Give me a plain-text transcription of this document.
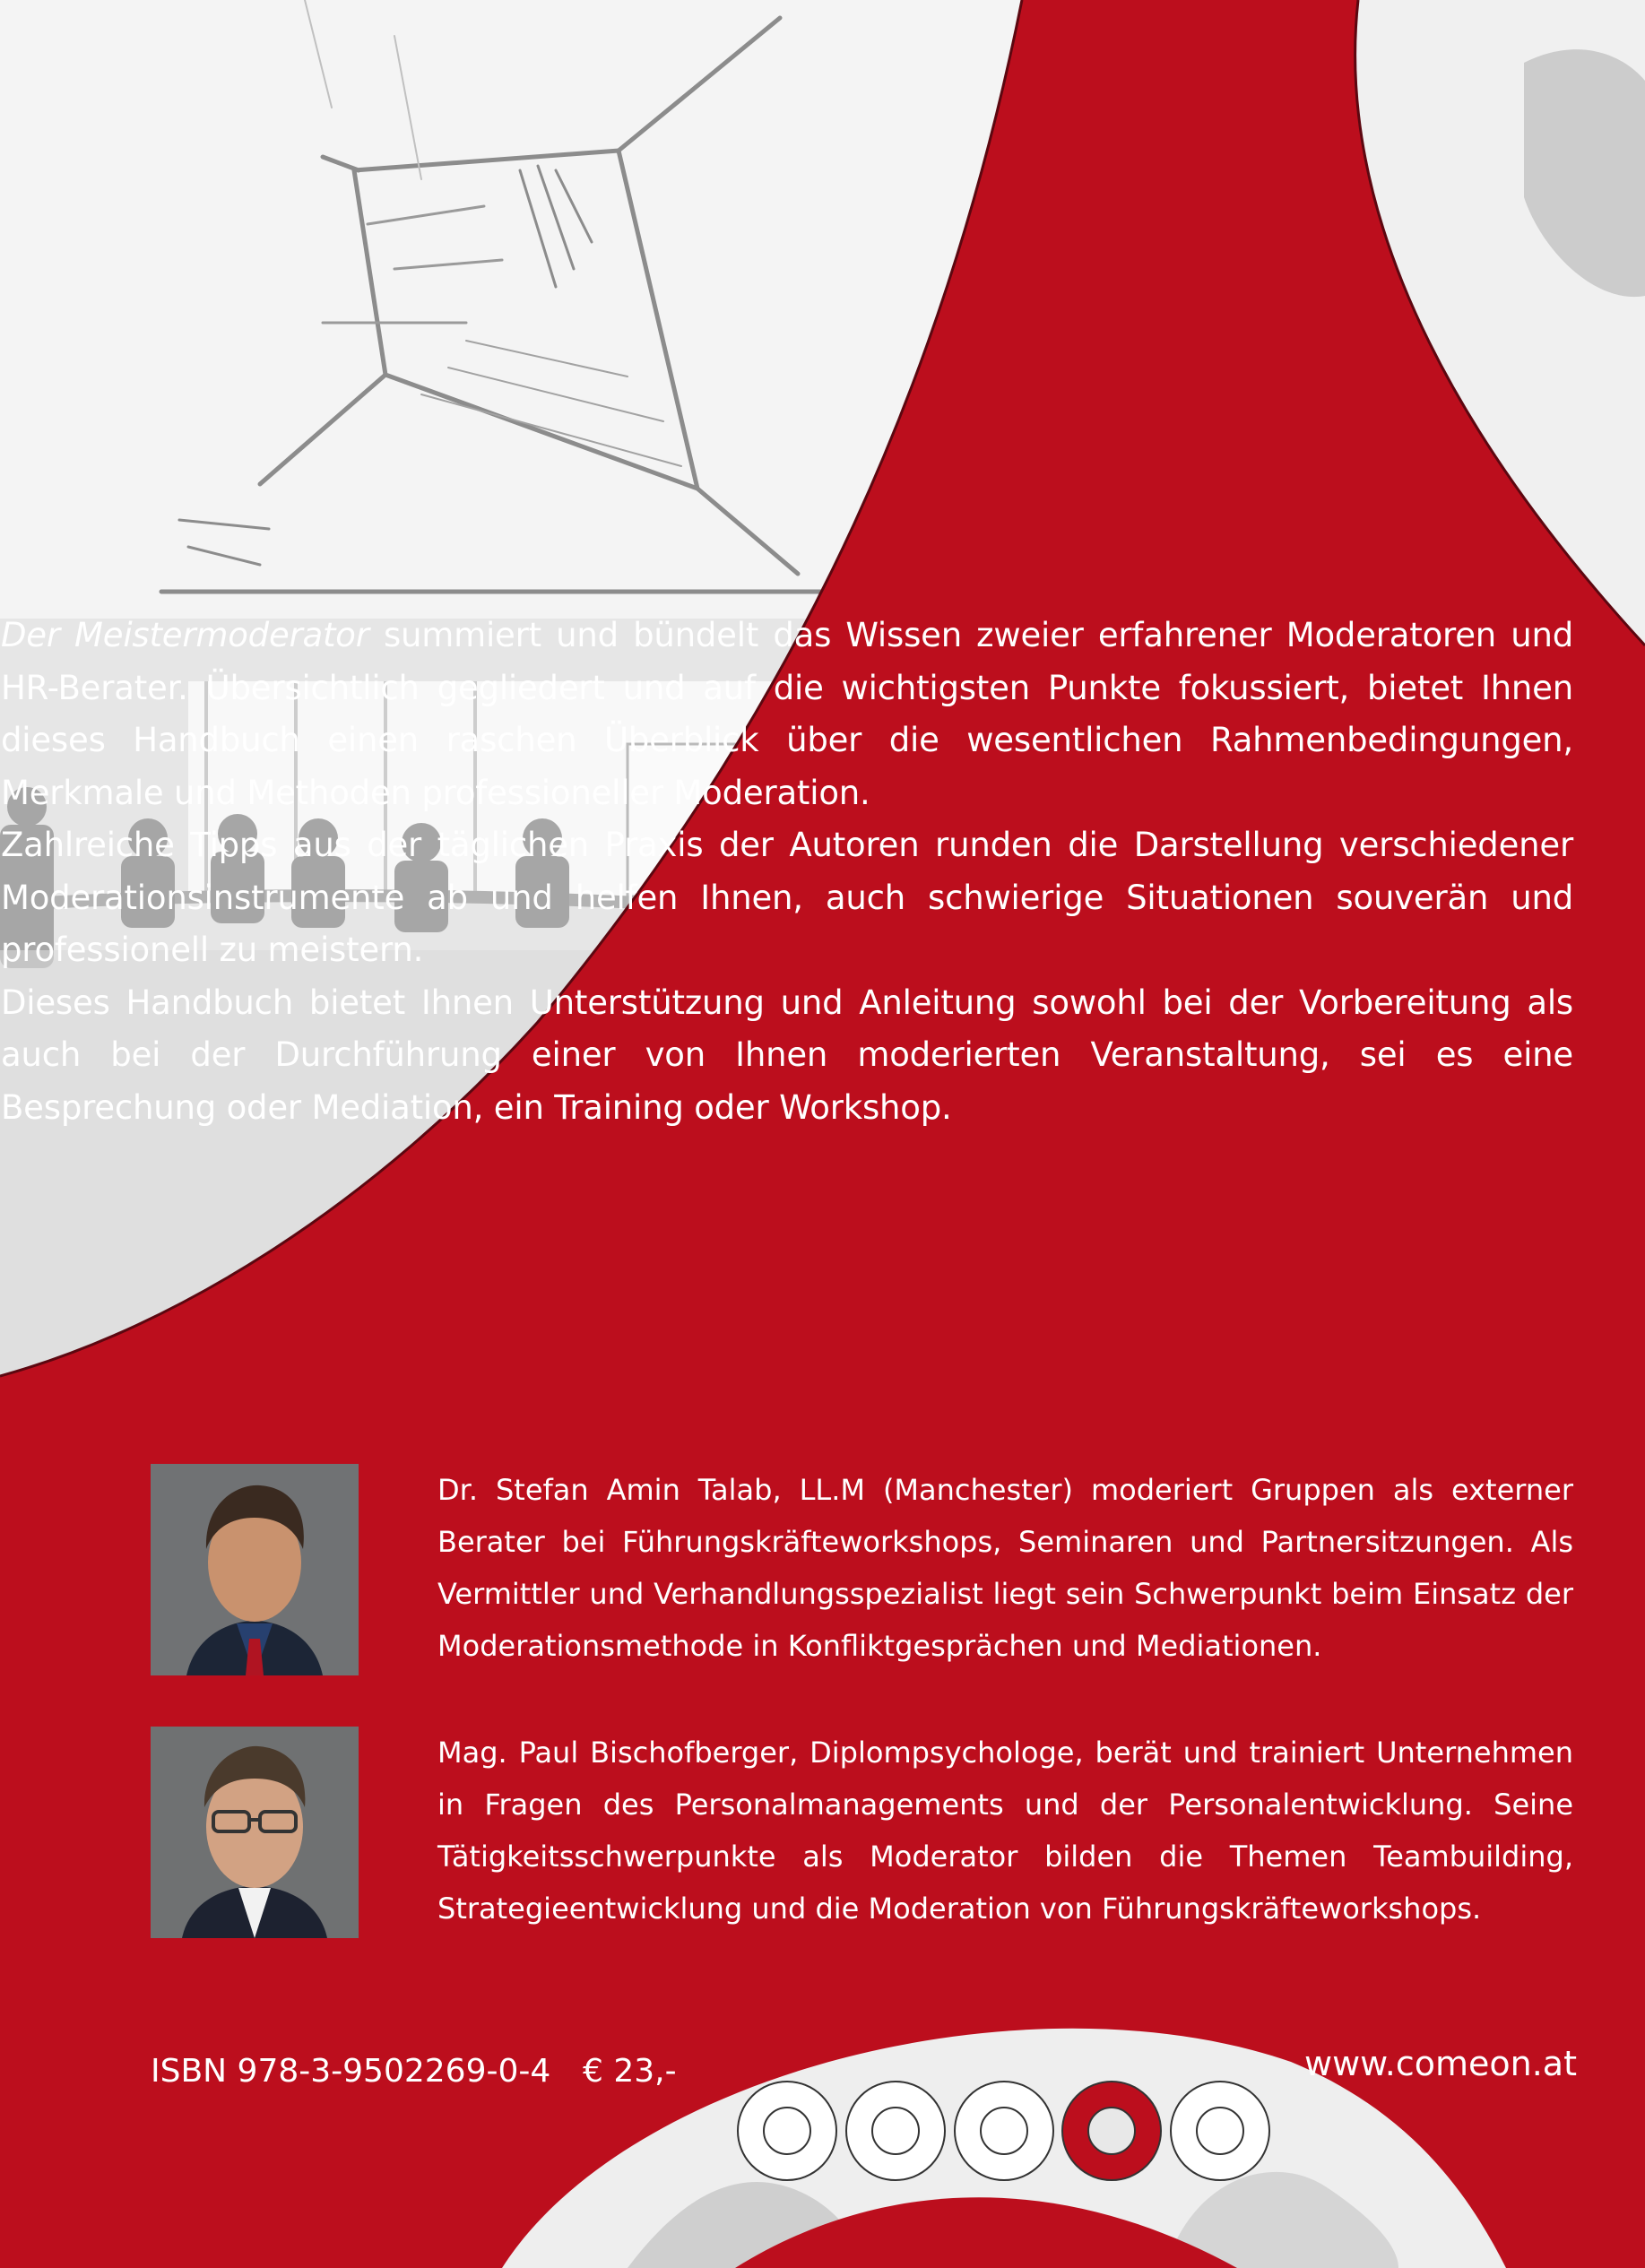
Der Meistermoderator summiert und bündelt das Wissen zweier erfahrener Moderatoren und HR-Berater. Übersichtlich gegliedert und auf die wichtigsten Punkte fokussiert, bietet Ihnen dieses Handbuch einen raschen Überblick über die wesentlichen Rahmenbedingungen, Merkmale und Methoden professioneller Moderation.
Zahlreiche Tipps aus der täglichen Praxis der Autoren runden die Darstellung verschiedener Moderationsinstrumente ab und helfen Ihnen, auch schwierige Situationen souverän und professionell zu meistern.
Dieses Handbuch bietet Ihnen Unterstützung und Anleitung sowohl bei der Vorbereitung als auch bei der Durchführung einer von Ihnen moderierten Veranstaltung, sei es eine Besprechung oder Mediation, ein Training oder Workshop.

Dr. Stefan Amin Talab, LL.M (Manchester) moderiert Gruppen als externer Berater bei Führungskräfteworkshops, Seminaren und Partnersitzungen. Als Vermittler und Verhandlungsspezialist liegt sein Schwerpunkt beim Einsatz der Moderationsmethode in Konfliktgesprächen und Mediationen.

Mag. Paul Bischofberger, Diplompsychologe, berät und trainiert Unternehmen in Fragen des Personalmanagements und der Personalentwicklung. Seine Tätigkeitsschwerpunkte als Moderator bilden die Themen Teambuilding, Strategieentwicklung und die Moderation von Führungskräfteworkshops.

ISBN 978-3-9502269-0-4 € 23,-	www.comeon.at
